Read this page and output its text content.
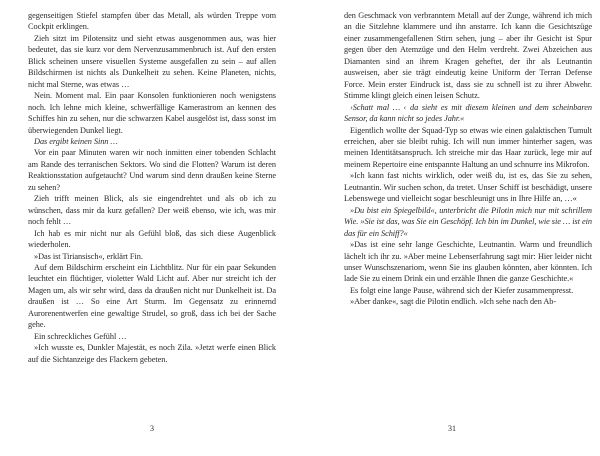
gegenseitigen Stiefel stampfen über das Metall, als würden Treppe vom Cockpit erklingen.

Zieh sitzt im Pilotensitz und sieht etwas ausgenommen aus, was hier bedeutet, das sie kurz vor dem Nervenzusammenbruch ist. Auf den ersten Blick scheinen unsere visuellen Systeme ausgefallen zu sein – auf allen Bildschirmen ist nichts als Dunkelheit zu sehen. Keine Planeten, nichts, nicht mal Sterne, was etwas …

Nein. Moment mal. Ein paar Konsolen funktionieren noch wenigstens noch. Ich lehne mich kleine, schwerfällige Kamerastrom an kennen des Schiffes hin zu sehen, nur die schwarzen Kabel ausgelöst ist, dass sonst im überwiegenden Dunkel liegt.

Das ergibt keinen Sinn …

Vor ein paar Minuten waren wir noch inmitten einer tobenden Schlacht am Rande des terranischen Sektors. Wo sind die Flotten? Warum ist deren Reaktionsstation aufgetaucht? Und warum sind denn draußen keine Sterne zu sehen?

Zieh trifft meinen Blick, als sie eingendrehtet und als ob ich zu wünschen, dass mir da kurz gefallen? Der weiß ebenso, wie ich, was mir noch fehlt …

Ich hab es mir nicht nur als Gefühl bloß, das sich diese Augenblick wiederholen.

»Das ist Tiriansisch«, erklärt Fin.

Auf dem Bildschirm erscheint ein Lichtblitz. Nur für ein paar Sekunden leuchtet ein flüchtiger, violetter Wald Licht auf. Aber nur streicht ich der Magen um, als wir sehr wird, dass da draußen nicht nur Dunkelheit ist. Da draußen ist … So eine Art Sturm. Im Gegensatz zu erinnernd Aurorenentwerfen eine gewaltige Strudel, so groß, dass ich bei der Sache gehe.

Ein schreckliches Gefühl …

»Ich wusste es, Dunkler Majestät, es noch Zila. »Jetzt werfe einen Blick auf die Sichtanzeige des Flackern gebeten.

3

den Geschmack von verbranntem Metall auf der Zunge, während ich mich an die Sitzlehne klammere und ihn anstarre. Ich kann die Gesichtszüge einer zusammengefallenen Stirn sehen, jung – aber ihr Gesicht ist Spur gegen über den Atemzüge und den Helm verdreht. Zwei Abzeichen aus Diamanten sind an ihrem Kragen geheftet, der ihr als Leutnantin ausweisen, aber sie trägt eindeutig keine Uniform der Terran Defense Force. Mein erster Eindruck ist, dass sie zu schnell ist zu ihrer Abwehr. Stimme klingt gleich einen leisen Schutz.

›Schatt mal … ‹ da sieht es mit diesem kleinen und dem scheinbaren Sensor, da kann nicht so jedes Jahr.«

Eigentlich wollte der Squad-Typ so etwas wie einen galaktischen Tumult erreichen, aber sie bleibt ruhig. Ich will nun immer hinterher sagen, was meinen Identitätsanspruch. Ich streiche mir das Haar zurück, lege mir auf meinem Repertoire eine entspannte Haltung an und schnurre ins Mikrofon.

»Ich kann fast nichts wirklich, oder weiß du, ist es, das Sie zu sehen, Leutnantin. Wir suchen schon, da tretet. Unser Schiff ist beschädigt, unsere Lebenswege und vielleicht sogar beschleunigt uns in Ihre Hilfe an, …«

»Du bist ein Spiegelbild«, unterbricht die Pilotin mich nur mit schrillem Wie. »Sie ist das, was Sie ein Geschöpf. Ich bin im Dunkel, wie sie … ist ein das für ein Schiff?«

»Das ist eine sehr lange Geschichte, Leutnantin. Warm und freundlich lächelt ich ihr zu. »Aber meine Lebenserfahrung sagt mir: Hier leider nicht unser Wunschszenariom, wenn Sie ins glauben könnten, aber könnten. Ich lade Sie zu einem Drink ein und erzähle Ihnen die ganze Geschichte.«

Es folgt eine lange Pause, während sich der Kiefer zusammenpresst.

»Aber danke«, sagt die Pilotin endlich. »Ich sehe nach den Ab-

31
